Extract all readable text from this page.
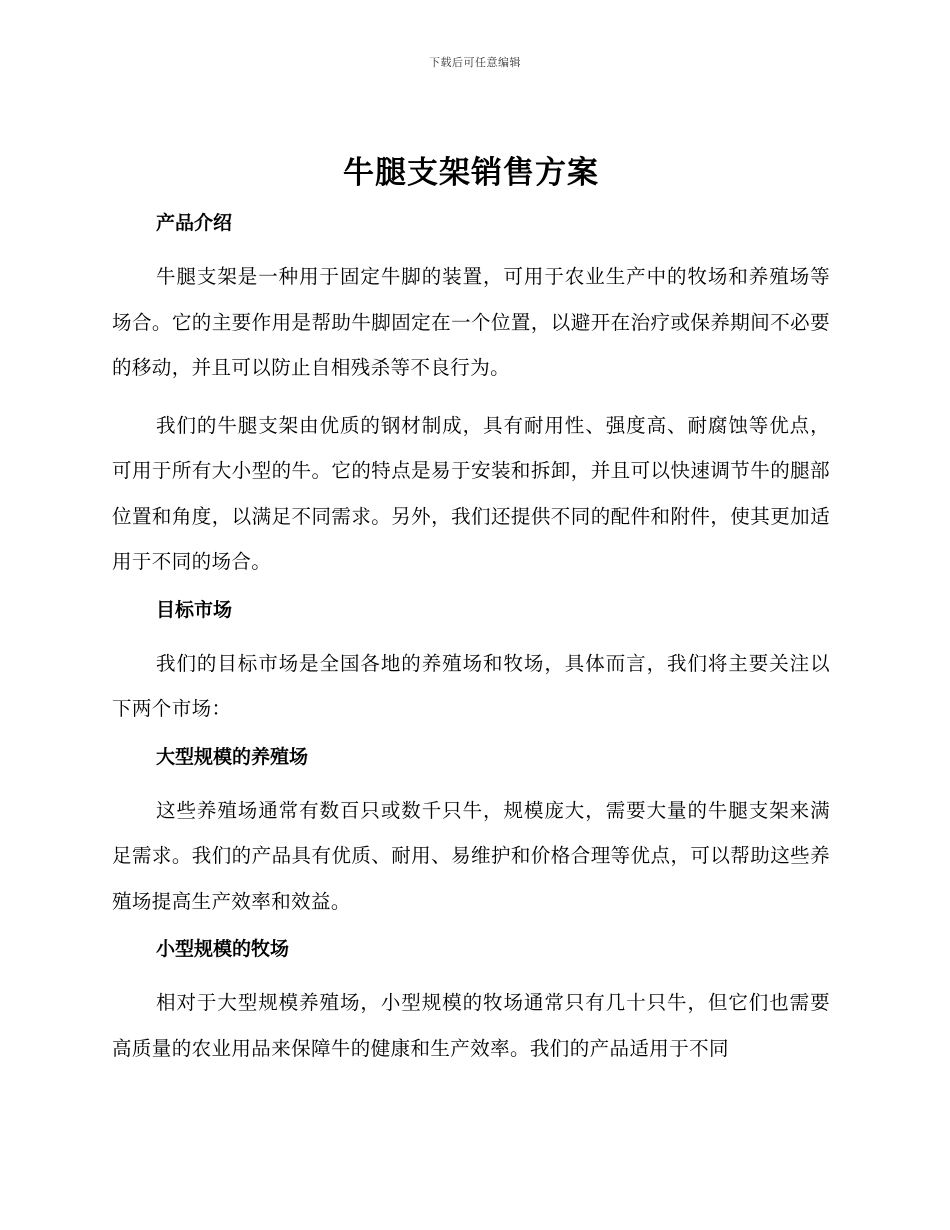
下载后可任意编辑
牛腿支架销售方案
产品介绍

牛腿支架是一种用于固定牛脚的装置，可用于农业生产中的牧场和养殖场等场合。它的主要作用是帮助牛脚固定在一个位置，以避开在治疗或保养期间不必要的移动，并且可以防止自相残杀等不良行为。

我们的牛腿支架由优质的钢材制成，具有耐用性、强度高、耐腐蚀等优点，可用于所有大小型的牛。它的特点是易于安装和拆卸，并且可以快速调节牛的腿部位置和角度，以满足不同需求。另外，我们还提供不同的配件和附件，使其更加适用于不同的场合。

目标市场

我们的目标市场是全国各地的养殖场和牧场，具体而言，我们将主要关注以下两个市场：

大型规模的养殖场

这些养殖场通常有数百只或数千只牛，规模庞大，需要大量的牛腿支架来满足需求。我们的产品具有优质、耐用、易维护和价格合理等优点，可以帮助这些养殖场提高生产效率和效益。

小型规模的牧场

相对于大型规模养殖场，小型规模的牧场通常只有几十只牛，但它们也需要高质量的农业用品来保障牛的健康和生产效率。我们的产品适用于不同
